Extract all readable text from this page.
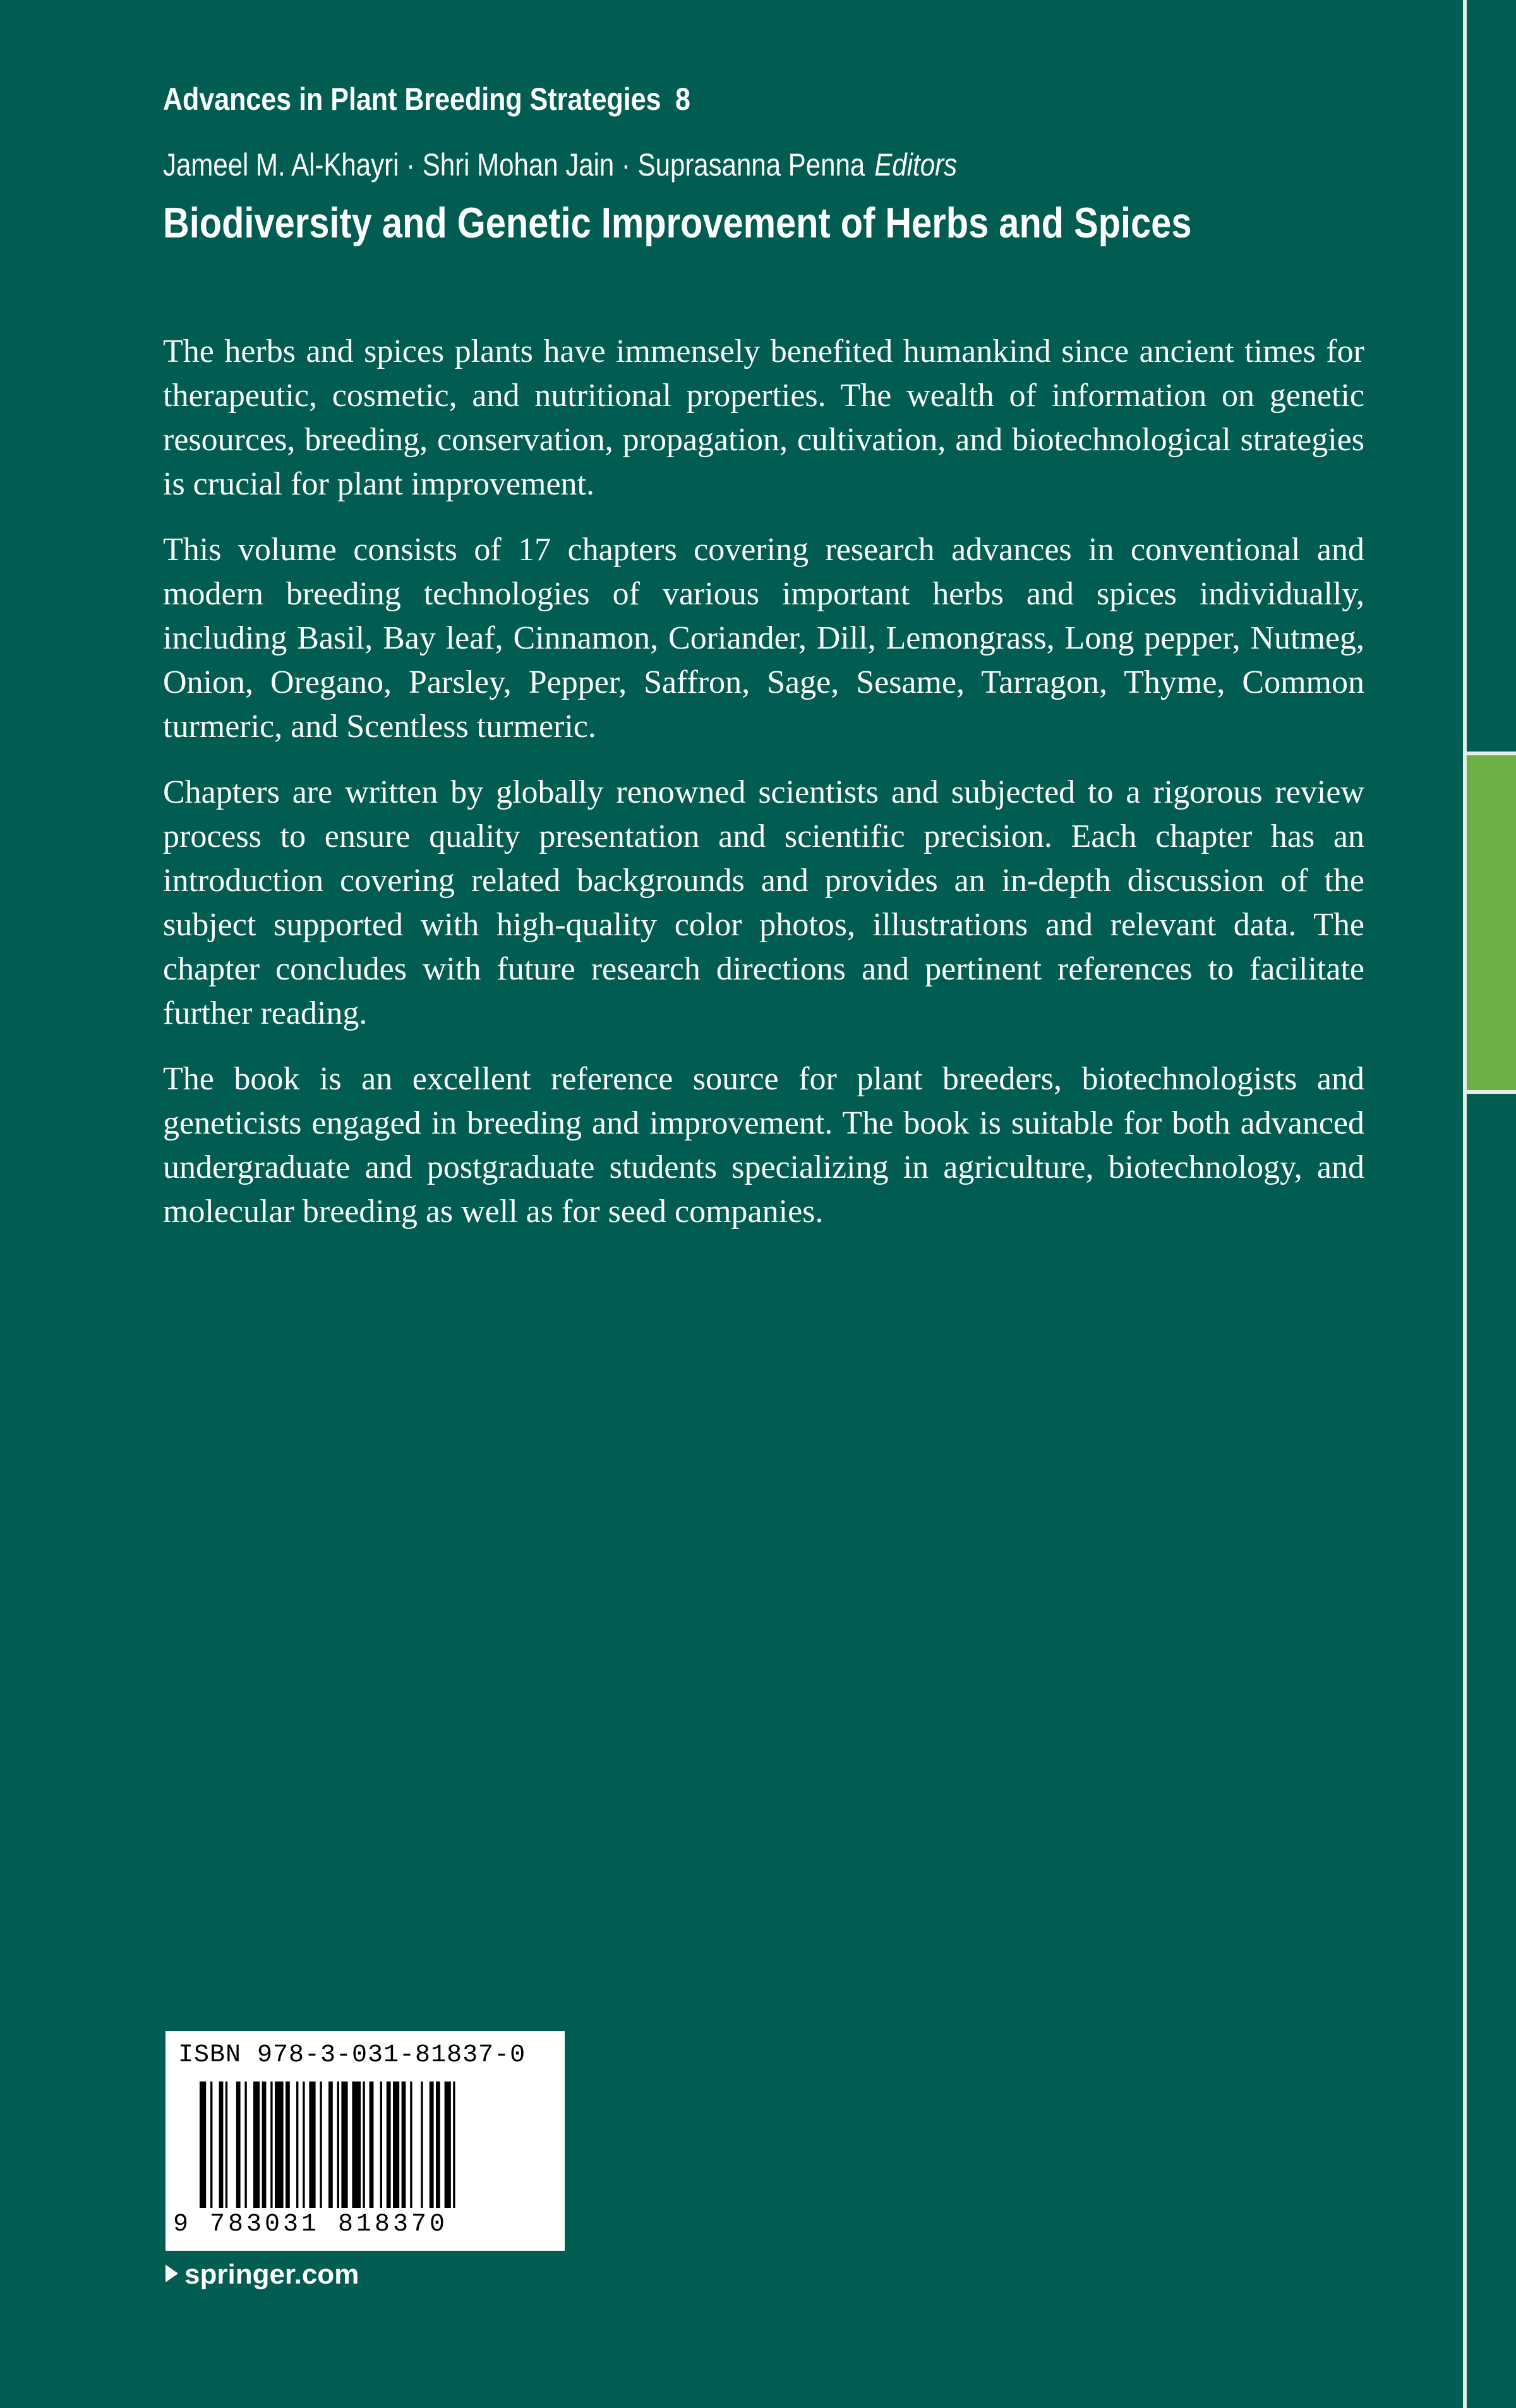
Advances in Plant Breeding Strategies 8
Jameel M. Al-Khayri · Shri Mohan Jain · Suprasanna Penna Editors
Biodiversity and Genetic Improvement of Herbs and Spices

The herbs and spices plants have immensely benefited humankind since ancient times for therapeutic, cosmetic, and nutritional properties. The wealth of information on genetic resources, breeding, conservation, propagation, cultivation, and biotechnological strategies is crucial for plant improvement.

This volume consists of 17 chapters covering research advances in conventional and modern breeding technologies of various important herbs and spices individually, including Basil, Bay leaf, Cinnamon, Coriander, Dill, Lemongrass, Long pepper, Nutmeg, Onion, Oregano, Parsley, Pepper, Saffron, Sage, Sesame, Tarragon, Thyme, Common turmeric, and Scentless turmeric.

Chapters are written by globally renowned scientists and subjected to a rigorous review process to ensure quality presentation and scientific precision. Each chapter has an introduction covering related backgrounds and provides an in-depth discussion of the subject supported with high-quality color photos, illustrations and relevant data. The chapter concludes with future research directions and pertinent references to facilitate further reading.

The book is an excellent reference source for plant breeders, biotechnologists and geneticists engaged in breeding and improvement. The book is suitable for both advanced undergraduate and postgraduate students specializing in agriculture, biotechnology, and molecular breeding as well as for seed companies.

ISBN 978-3-031-81837-0
9 783031 818370
springer.com
